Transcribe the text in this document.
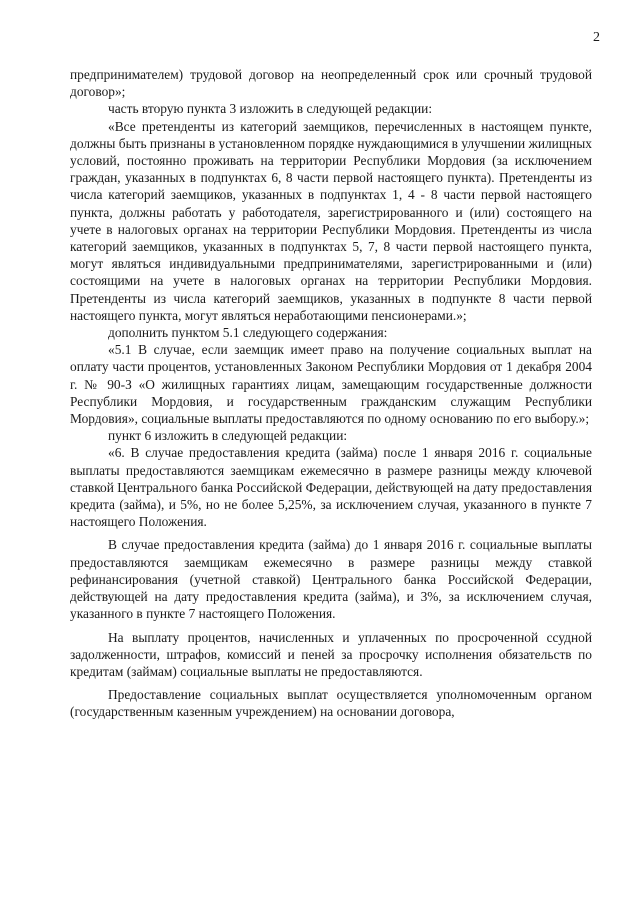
2

предпринимателем) трудовой договор на неопределенный срок или срочный трудовой договор»;

часть вторую пункта 3 изложить в следующей редакции:

«Все претенденты из категорий заемщиков, перечисленных в настоящем пункте, должны быть признаны в установленном порядке нуждающимися в улучшении жилищных условий, постоянно проживать на территории Республики Мордовия (за исключением граждан, указанных в подпунктах 6, 8 части первой настоящего пункта). Претенденты из числа категорий заемщиков, указанных в подпунктах 1, 4 - 8 части первой настоящего пункта, должны работать у работодателя, зарегистрированного и (или) состоящего на учете в налоговых органах на территории Республики Мордовия. Претенденты из числа категорий заемщиков, указанных в подпунктах 5, 7, 8 части первой настоящего пункта, могут являться индивидуальными предпринимателями, зарегистрированными и (или) состоящими на учете в налоговых органах на территории Республики Мордовия. Претенденты из числа категорий заемщиков, указанных в подпункте 8 части первой настоящего пункта, могут являться неработающими пенсионерами.»;

дополнить пунктом 5.1 следующего содержания:

«5.1 В случае, если заемщик имеет право на получение социальных выплат на оплату части процентов, установленных Законом Республики Мордовия от 1 декабря 2004 г. № 90-З «О жилищных гарантиях лицам, замещающим государственные должности Республики Мордовия, и государственным гражданским служащим Республики Мордовия», социальные выплаты предоставляются по одному основанию по его выбору.»;

пункт 6 изложить в следующей редакции:

«6. В случае предоставления кредита (займа) после 1 января 2016 г. социальные выплаты предоставляются заемщикам ежемесячно в размере разницы между ключевой ставкой Центрального банка Российской Федерации, действующей на дату предоставления кредита (займа), и 5%, но не более 5,25%, за исключением случая, указанного в пункте 7 настоящего Положения.

В случае предоставления кредита (займа) до 1 января 2016 г. социальные выплаты предоставляются заемщикам ежемесячно в размере разницы между ставкой рефинансирования (учетной ставкой) Центрального банка Российской Федерации, действующей на дату предоставления кредита (займа), и 3%, за исключением случая, указанного в пункте 7 настоящего Положения.

На выплату процентов, начисленных и уплаченных по просроченной ссудной задолженности, штрафов, комиссий и пеней за просрочку исполнения обязательств по кредитам (займам) социальные выплаты не предоставляются.

Предоставление социальных выплат осуществляется уполномоченным органом (государственным казенным учреждением) на основании договора,
